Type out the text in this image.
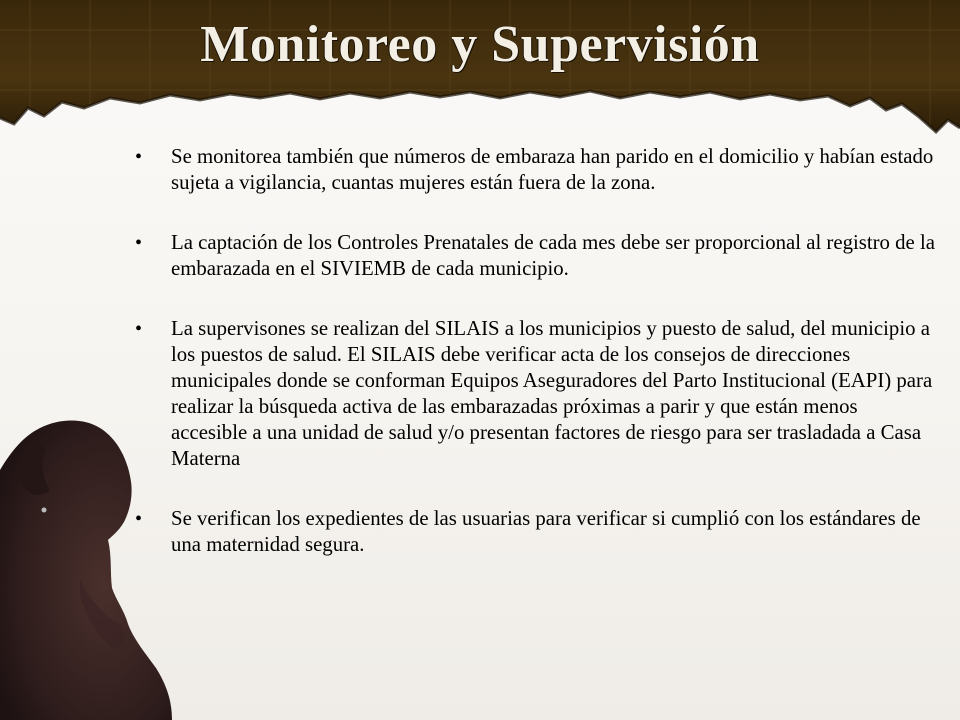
Monitoreo y Supervisión
•	Se monitorea también que números de embaraza han parido en el domicilio y habían estado sujeta a vigilancia, cuantas mujeres están fuera de la zona.
•	La captación de los Controles Prenatales de cada mes debe ser proporcional al registro de la embarazada en el SIVIEMB de cada municipio.
•	La supervisones se realizan del SILAIS a los municipios y puesto de salud, del municipio a los puestos de salud. El SILAIS debe verificar acta de los consejos de direcciones municipales donde se conforman Equipos Aseguradores del Parto Institucional (EAPI) para realizar la búsqueda activa de las embarazadas próximas a parir y que están menos accesible a una unidad de salud y/o presentan factores de riesgo para ser trasladada a Casa Materna
•	Se verifican los expedientes de las usuarias para verificar si cumplió con los estándares de una maternidad segura.
